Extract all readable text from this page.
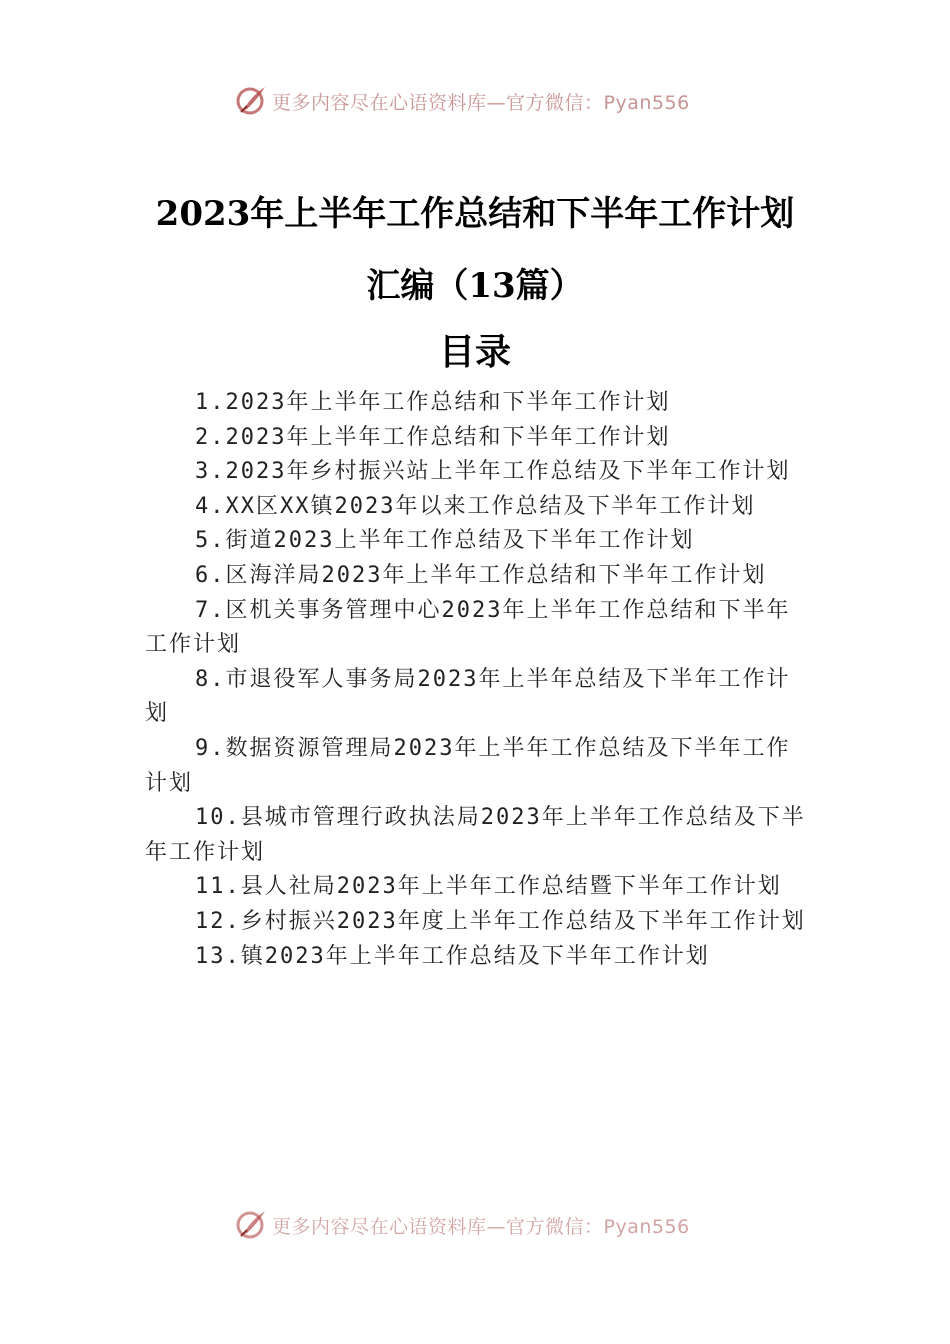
更多内容尽在心语资料库—官方微信：Pyan556
2023年上半年工作总结和下半年工作计划
汇编（13篇）
目录
1.2023年上半年工作总结和下半年工作计划
2.2023年上半年工作总结和下半年工作计划
3.2023年乡村振兴站上半年工作总结及下半年工作计划
4.XX区XX镇2023年以来工作总结及下半年工作计划
5.街道2023上半年工作总结及下半年工作计划
6.区海洋局2023年上半年工作总结和下半年工作计划
7.区机关事务管理中心2023年上半年工作总结和下半年工作计划
8.市退役军人事务局2023年上半年总结及下半年工作计划
9.数据资源管理局2023年上半年工作总结及下半年工作计划
10.县城市管理行政执法局2023年上半年工作总结及下半年工作计划
11.县人社局2023年上半年工作总结暨下半年工作计划
12.乡村振兴2023年度上半年工作总结及下半年工作计划
13.镇2023年上半年工作总结及下半年工作计划
更多内容尽在心语资料库—官方微信：Pyan556
